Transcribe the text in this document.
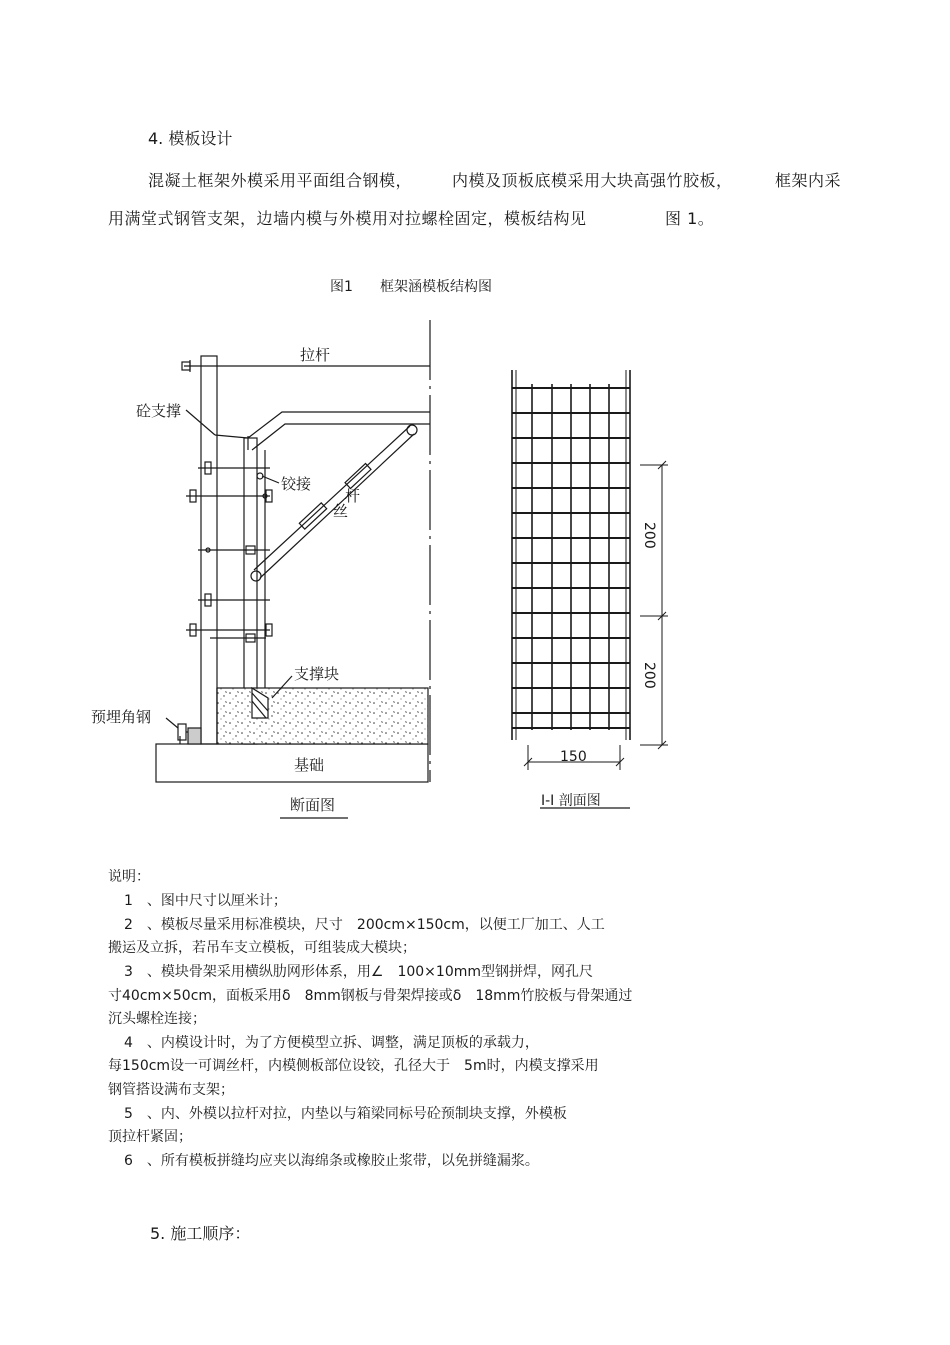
4. 模板设计
混凝土框架外模采用平面组合钢模， 内模及顶板底模采用大块高强竹胶板，	框架内采
用满堂式钢管支架，边墙内模与外模用对拉螺栓固定，模板结构见	图 1。
图1 框架涵模板结构图
拉杆
砼支撑
铰接
杆
丝
支撑块
预埋角钢
基础
断面图
150
200
200
I-I 剖面图
说明：
1　、图中尺寸以厘米计；
2　、模板尽量采用标准模块，尺寸　200cm×150cm，以便工厂加工、人工
搬运及立拆，若吊车支立模板，可组装成大模块；
3　、模块骨架采用横纵肋网形体系，用∠　100×10mm型钢拼焊，网孔尺
寸40cm×50cm，面板采用δ　8mm钢板与骨架焊接或δ　18mm竹胶板与骨架通过
沉头螺栓连接；
4　、内模设计时，为了方便模型立拆、调整，满足顶板的承载力，
每150cm设一可调丝杆，内模侧板部位设铰，孔径大于　5m时，内模支撑采用
钢管搭设满布支架；
5　、内、外模以拉杆对拉，内垫以与箱梁同标号砼预制块支撑，外模板
顶拉杆紧固；
6　、所有模板拼缝均应夹以海绵条或橡胶止浆带，以免拼缝漏浆。
5. 施工顺序：
